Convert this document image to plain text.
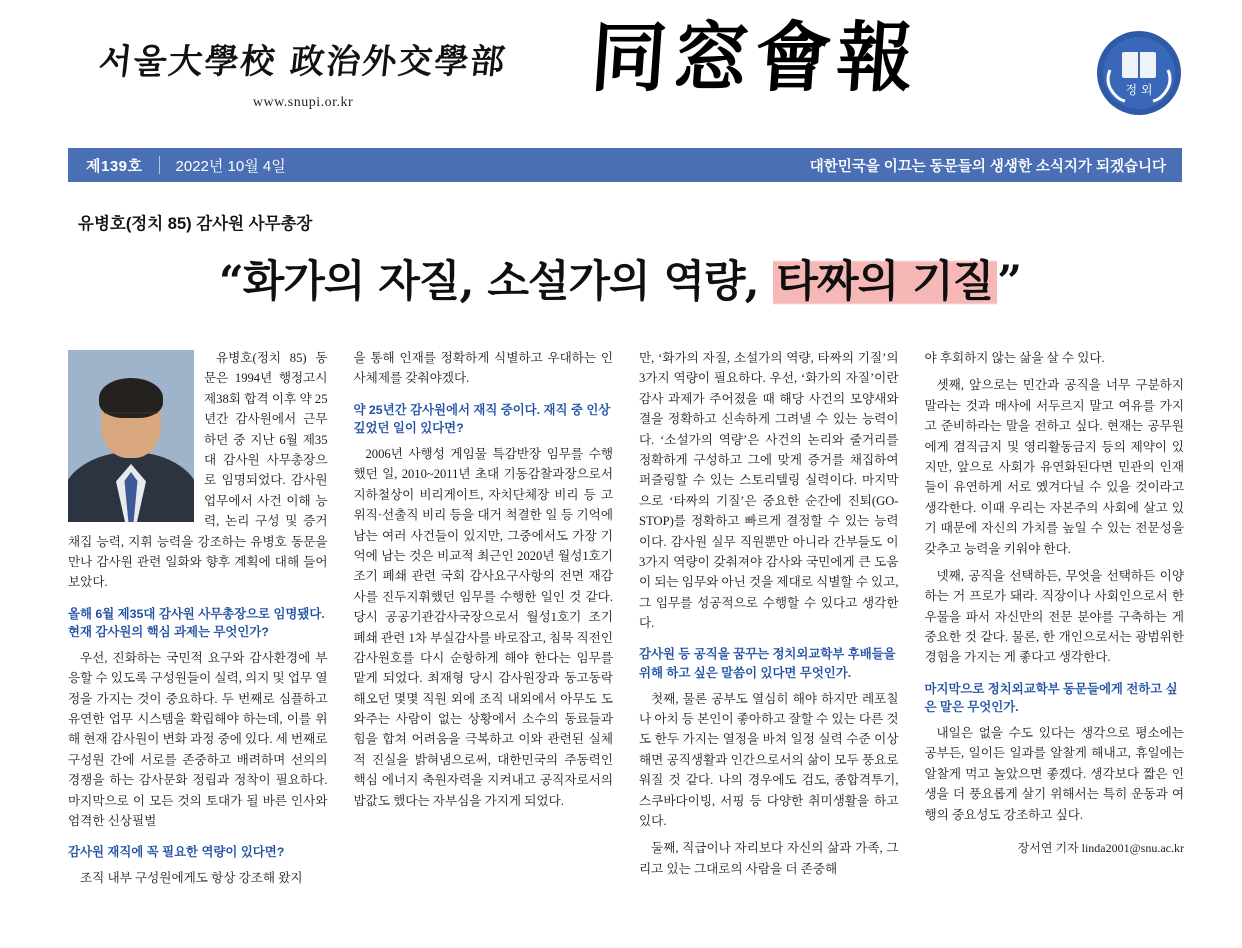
서울大學校 政治外交學部
www.snupi.or.kr
同窓會報	정 외
제139호 2022년 10월 4일	대한민국을 이끄는 동문들의 생생한 소식지가 되겠습니다
유병호(정치 85) 감사원 사무총장
“화가의 자질, 소설가의 역량, 타짜의 기질”

유병호(정치 85) 동문은 1994년 행정고시 제38회 합격 이후 약 25년간 감사원에서 근무하던 중 지난 6월 제35대 감사원 사무총장으로 임명되었다. 감사원 업무에서 사건 이해 능력, 논리 구성 및 증거 채집 능력, 지휘 능력을 강조하는 유병호 동문을 만나 감사원 관련 일화와 향후 계획에 대해 들어보았다.

올해 6월 제35대 감사원 사무총장으로 임명됐다. 현재 감사원의 핵심 과제는 무엇인가?

우선, 진화하는 국민적 요구와 감사환경에 부응할 수 있도록 구성원들이 실력, 의지 및 업무 열정을 가지는 것이 중요하다. 두 번째로 심플하고 유연한 업무 시스템을 확립해야 하는데, 이를 위해 현재 감사원이 변화 과정 중에 있다. 세 번째로 구성원 간에 서로를 존중하고 배려하며 선의의 경쟁을 하는 감사문화 정립과 정착이 필요하다. 마지막으로 이 모든 것의 토대가 될 바른 인사와 엄격한 신상필벌

감사원 재직에 꼭 필요한 역량이 있다면?

조직 내부 구성원에게도 항상 강조해 왔지

을 통해 인재를 정확하게 식별하고 우대하는 인사체제를 갖춰야겠다.

약 25년간 감사원에서 재직 중이다. 재직 중 인상 깊었던 일이 있다면?

2006년 사행성 게임물 특감반장 임무를 수행했던 일, 2010~2011년 초대 기동감찰과장으로서 지하철상이 비리게이트, 자치단체장 비리 등 고위직·선출직 비리 등을 대거 척결한 일 등 기억에 남는 여러 사건들이 있지만, 그중에서도 가장 기억에 남는 것은 비교적 최근인 2020년 월성1호기 조기 폐쇄 관련 국회 감사요구사항의 전면 재감사를 진두지휘했던 임무를 수행한 일인 것 같다. 당시 공공기관감사국장으로서 월성1호기 조기 폐쇄 관련 1차 부실감사를 바로잡고, 침묵 직전인 감사원호를 다시 순항하게 해야 한다는 임무를 맡게 되었다. 최재형 당시 감사원장과 동고동락해오던 몇몇 직원 외에 조직 내외에서 아무도 도와주는 사람이 없는 상황에서 소수의 동료들과 힘을 합쳐 어려움을 극복하고 이와 관련된 실체적 진실을 밝혀냄으로써, 대한민국의 주동력인 핵심 에너지 축원자력을 지켜내고 공직자로서의 밥값도 했다는 자부심을 가지게 되었다.

만, ‘화가의 자질, 소설가의 역량, 타짜의 기질’의 3가지 역량이 필요하다. 우선, ‘화가의 자질’이란 감사 과제가 주어졌을 때 해당 사건의 모양새와 결을 정확하고 신속하게 그려낼 수 있는 능력이다. ‘소설가의 역량’은 사건의 논리와 줄거리를 정확하게 구성하고 그에 맞게 증거를 채집하여 퍼즐링할 수 있는 스토리텔링 실력이다. 마지막으로 ‘타짜의 기질’은 중요한 순간에 진퇴(GO-STOP)를 정확하고 빠르게 결정할 수 있는 능력이다. 감사원 실무 직원뿐만 아니라 간부들도 이 3가지 역량이 갖춰져야 감사와 국민에게 큰 도움이 되는 임무와 아닌 것을 제대로 식별할 수 있고, 그 임무를 성공적으로 수행할 수 있다고 생각한다.

감사원 등 공직을 꿈꾸는 정치외교학부 후배들을 위해 하고 싶은 말씀이 있다면 무엇인가.

첫째, 물론 공부도 열심히 해야 하지만 레포칠나 아치 등 본인이 좋아하고 잘할 수 있는 다른 것도 한두 가지는 열정을 바쳐 일정 실력 수준 이상 해면 공직생활과 인간으로서의 삶이 모두 풍요로워질 것 같다. 나의 경우에도 검도, 종합격투기, 스쿠바다이빙, 서핑 등 다양한 취미생활을 하고 있다.

둘째, 직급이나 자리보다 자신의 삶과 가족, 그리고 있는 그대로의 사람을 더 존중해

야 후회하지 않는 삶을 살 수 있다.

셋째, 앞으로는 민간과 공직을 너무 구분하지 말라는 것과 매사에 서두르지 말고 여유를 가지고 준비하라는 말을 전하고 싶다. 현재는 공무원에게 겸직금지 및 영리활동금지 등의 제약이 있지만, 앞으로 사회가 유연화된다면 민관의 인재들이 유연하게 서로 옜겨다닐 수 있을 것이라고 생각한다. 이때 우리는 자본주의 사회에 살고 있기 때문에 자신의 가치를 높일 수 있는 전문성을 갖추고 능력을 키워야 한다.

넷째, 공직을 선택하든, 무엇을 선택하든 이양 하는 거 프로가 돼라. 직장이나 사회인으로서 한 우물을 파서 자신만의 전문 분야를 구축하는 게 중요한 것 같다. 물론, 한 개인으로서는 광범위한 경험을 가지는 게 좋다고 생각한다.

마지막으로 정치외교학부 동문들에게 전하고 싶은 말은 무엇인가.

내일은 없을 수도 있다는 생각으로 평소에는 공부든, 일이든 일과를 알찰게 해내고, 휴일에는 알찰게 먹고 놀았으면 좋겠다. 생각보다 짧은 인생을 더 풍요롭게 살기 위해서는 특히 운동과 여행의 중요성도 강조하고 싶다.

장서연 기자 linda2001@snu.ac.kr
